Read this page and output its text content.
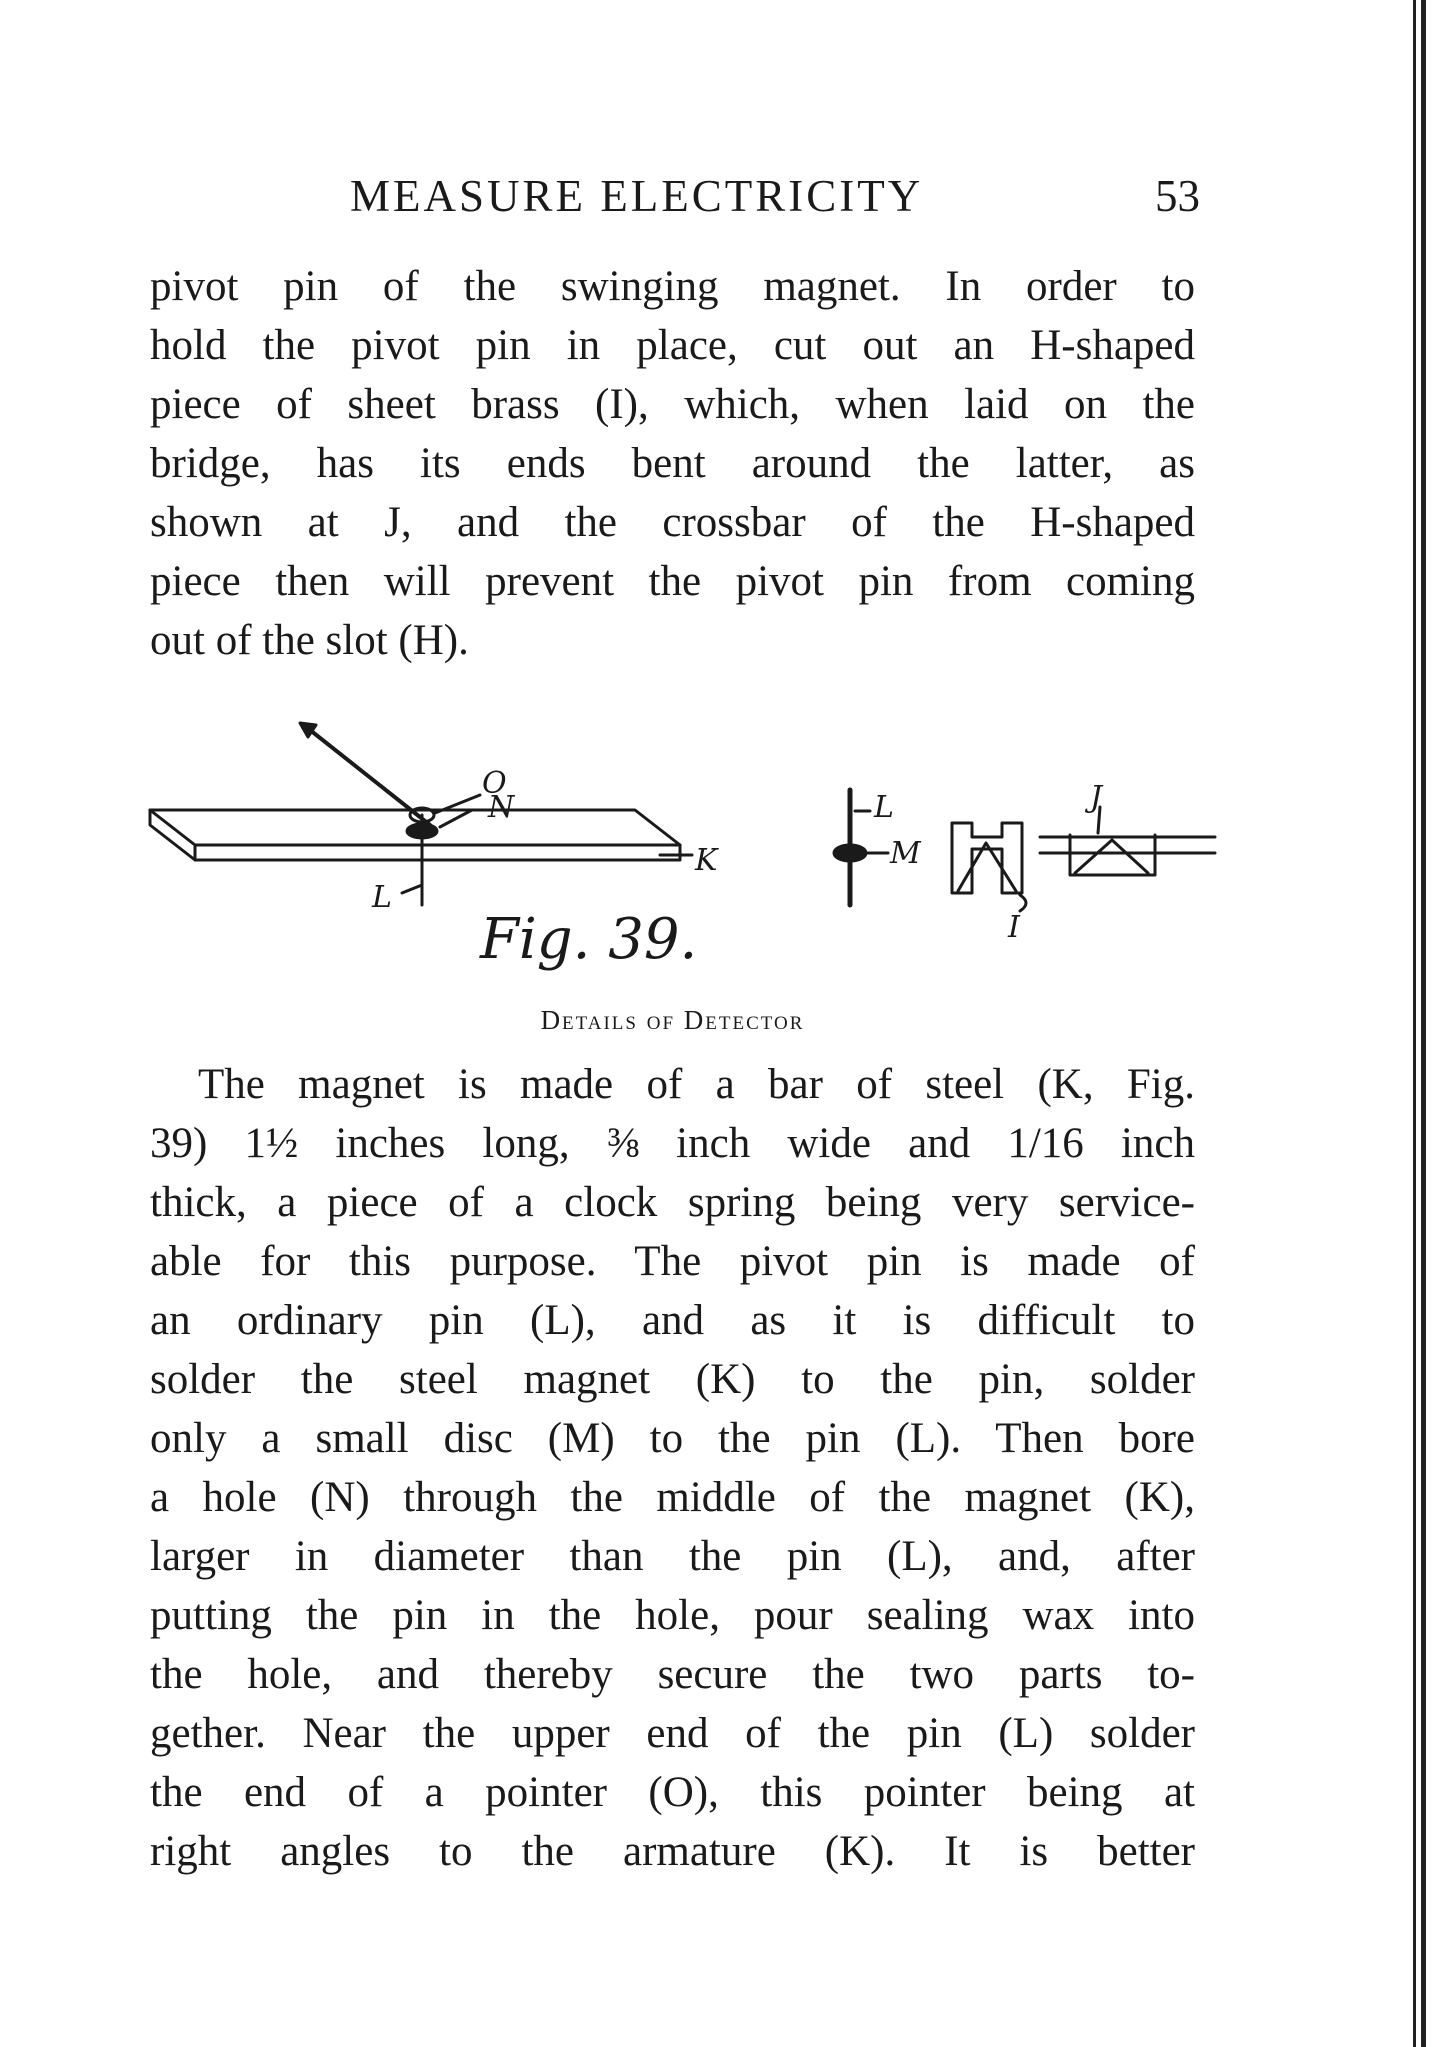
MEASURE ELECTRICITY	53
pivot pin of the swinging magnet. In order to
hold the pivot pin in place, cut out an H-shaped
piece of sheet brass (I), which, when laid on the
bridge, has its ends bent around the latter, as
shown at J, and the crossbar of the H-shaped
piece then will prevent the pivot pin from coming
out of the slot (H).
O
N
K
L
L
M
I
J
Fig. 39.
Details of Detector
The magnet is made of a bar of steel (K, Fig.
39) 1½ inches long, ⅜ inch wide and 1/16 inch
thick, a piece of a clock spring being very service-
able for this purpose. The pivot pin is made of
an ordinary pin (L), and as it is difficult to
solder the steel magnet (K) to the pin, solder
only a small disc (M) to the pin (L). Then bore
a hole (N) through the middle of the magnet (K),
larger in diameter than the pin (L), and, after
putting the pin in the hole, pour sealing wax into
the hole, and thereby secure the two parts to-
gether. Near the upper end of the pin (L) solder
the end of a pointer (O), this pointer being at
right angles to the armature (K). It is better
